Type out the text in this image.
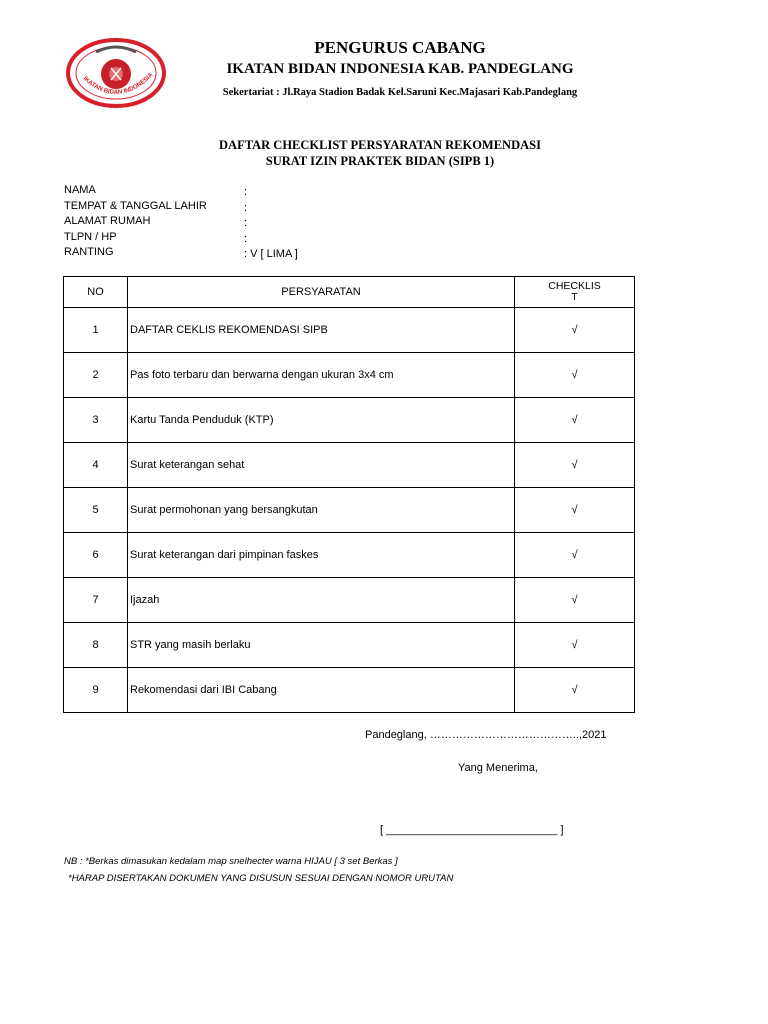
IKATAN BIDAN INDONESIA
PENGURUS CABANG
IKATAN BIDAN INDONESIA KAB. PANDEGLANG
Sekertariat : Jl.Raya Stadion Badak Kel.Saruni Kec.Majasari Kab.Pandeglang
DAFTAR CHECKLIST PERSYARATAN REKOMENDASI
SURAT IZIN PRAKTEK BIDAN (SIPB 1)
NAMA	:
TEMPAT & TANGGAL LAHIR	:
ALAMAT RUMAH	:
TLPN / HP	:
RANTING	: V [ LIMA ]
NO	PERSYARATAN	CHECKLIS
T

1	DAFTAR CEKLIS REKOMENDASI SIPB	√
2	Pas foto terbaru dan berwarna dengan ukuran 3x4 cm	√
3	Kartu Tanda Penduduk (KTP)	√
4	Surat keterangan sehat	√
5	Surat permohonan yang bersangkutan	√
6	Surat keterangan dari pimpinan faskes	√
7	Ijazah	√
8	STR yang masih berlaku	√
9	Rekomendasi dari IBI Cabang	√
Pandeglang, …………………………………..,2021
Yang Menerima,
[ ____________________________ ]
NB : *Berkas dimasukan kedalam map snelhecter warna HIJAU [ 3 set Berkas ]
*HARAP DISERTAKAN DOKUMEN YANG DISUSUN SESUAI DENGAN NOMOR URUTAN
